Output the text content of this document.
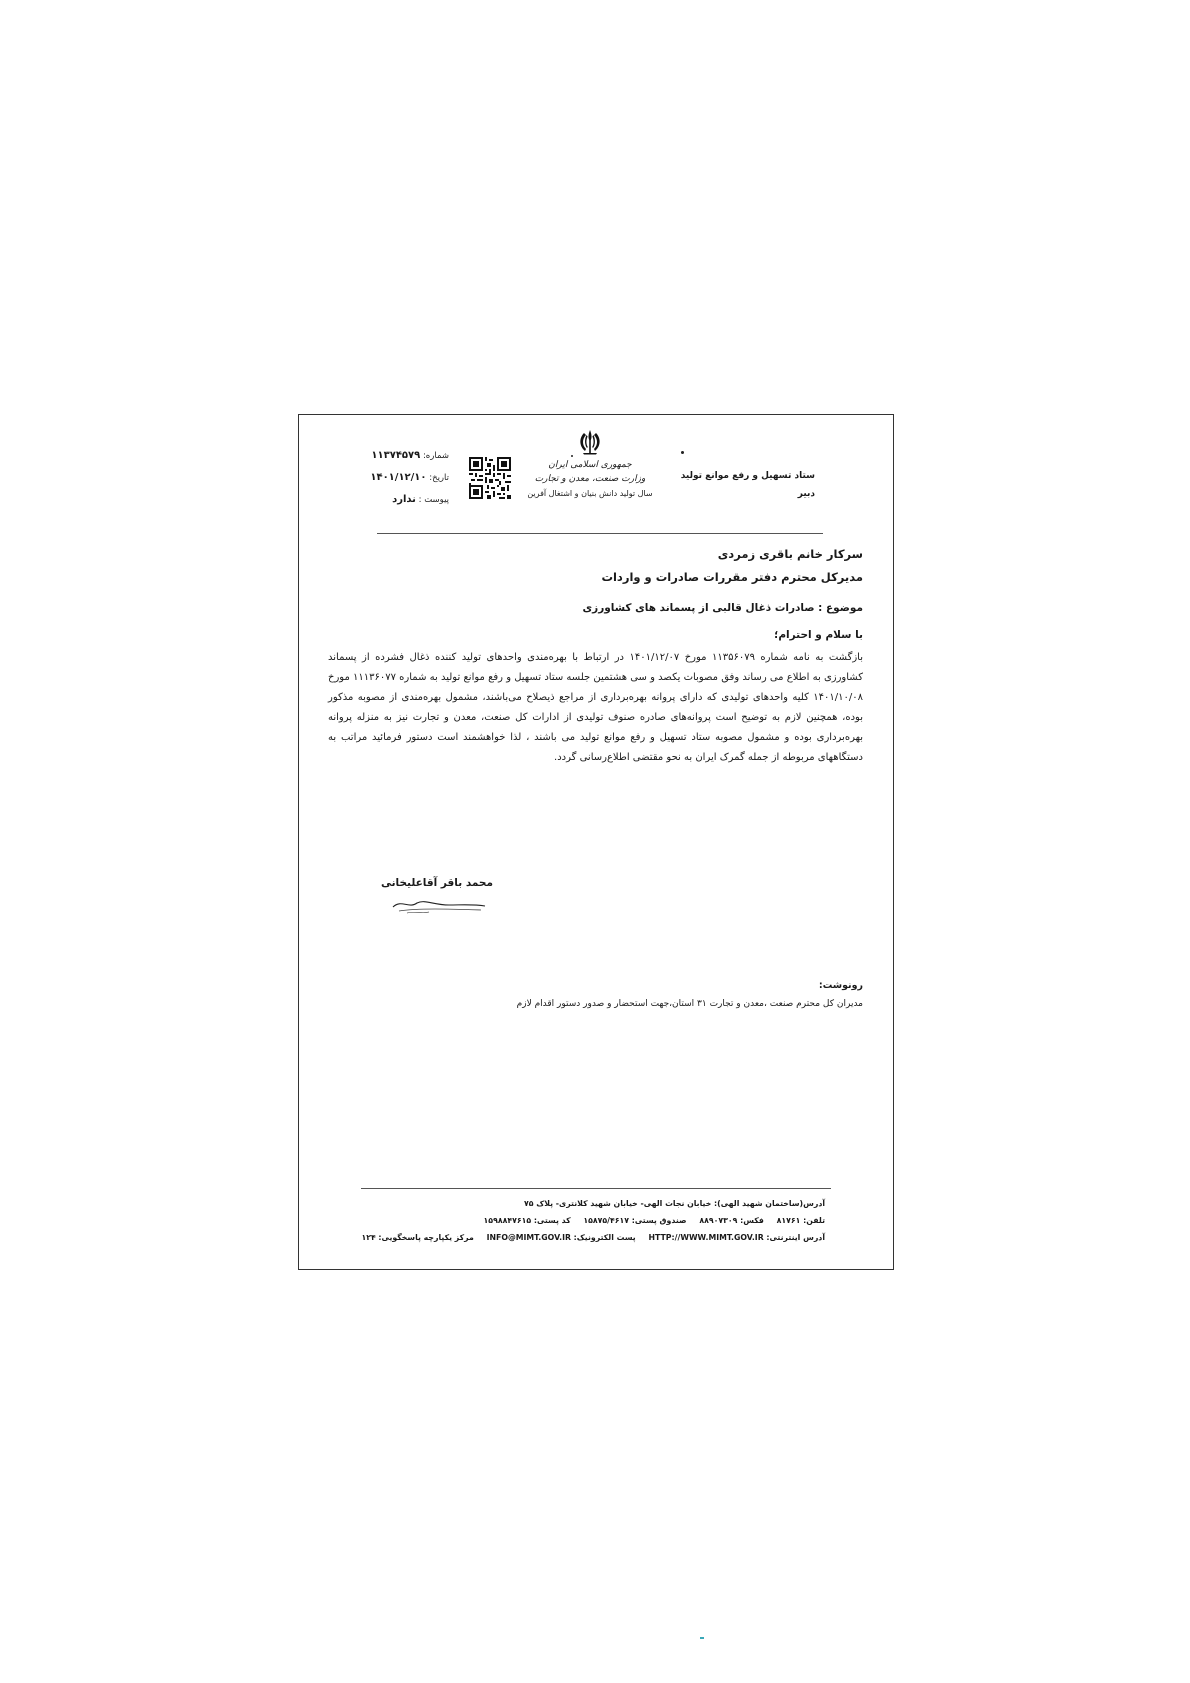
ستاد تسهیل و رفع موانع تولید
دبیر
جمهوری اسلامی ایران
وزارت صنعت، معدن و تجارت
سال تولید دانش بنیان و اشتغال آفرین
شماره: ۱۱۳۷۴۵۷۹
تاریخ: ۱۴۰۱/۱۲/۱۰
پیوست : ندارد
سرکار خانم باقری زمردی
مدیرکل محترم دفتر مقررات صادرات و واردات
موضوع : صادرات ذغال قالبی از پسماند های کشاورزی
با سلام و احترام؛
بازگشت به نامه شماره ۱۱۳۵۶۰۷۹ مورخ ۱۴۰۱/۱۲/۰۷ در ارتباط با بهره‌مندی واحدهای تولید کننده ذغال فشرده از پسماند کشاورزی به اطلاع می رساند وفق مصوبات یکصد و سی هشتمین جلسه ستاد تسهیل و رفع موانع تولید به شماره ۱۱۱۳۶۰۷۷ مورخ ۱۴۰۱/۱۰/۰۸ کلیه واحدهای تولیدی که دارای پروانه بهره‌برداری از مراجع ذیصلاح می‌باشند، مشمول بهره‌مندی از مصوبه مذکور بوده، همچنین لازم به توضیح است پروانه‌های صادره صنوف تولیدی از ادارات کل صنعت، معدن و تجارت نیز به منزله پروانه بهره‌برداری بوده و مشمول مصوبه ستاد تسهیل و رفع موانع تولید می باشند ، لذا خواهشمند است دستور فرمائید مراتب به دستگاههای مربوطه از جمله گمرک ایران به نحو مقتضی اطلاع‌رسانی گردد.
محمد باقر آقاعلیخانی
رونوشت:
مدیران کل محترم صنعت ،معدن و تجارت ۳۱ استان،جهت استحضار و صدور دستور اقدام لازم
آدرس(ساختمان شهید الهی): خیابان نجات الهی- خیابان شهید کلانتری- پلاک ۷۵
تلفن: ۸۱۷۶۱ فکس: ۸۸۹۰۷۳۰۹ صندوق پستی: ۱۵۸۷۵/۴۶۱۷ کد پستی: ۱۵۹۸۸۴۷۶۱۵
آدرس اینترنتی: HTTP://WWW.MIMT.GOV.IR پست الکترونیک: INFO@MIMT.GOV.IR مرکز یکپارچه پاسخگویی: ۱۲۴
